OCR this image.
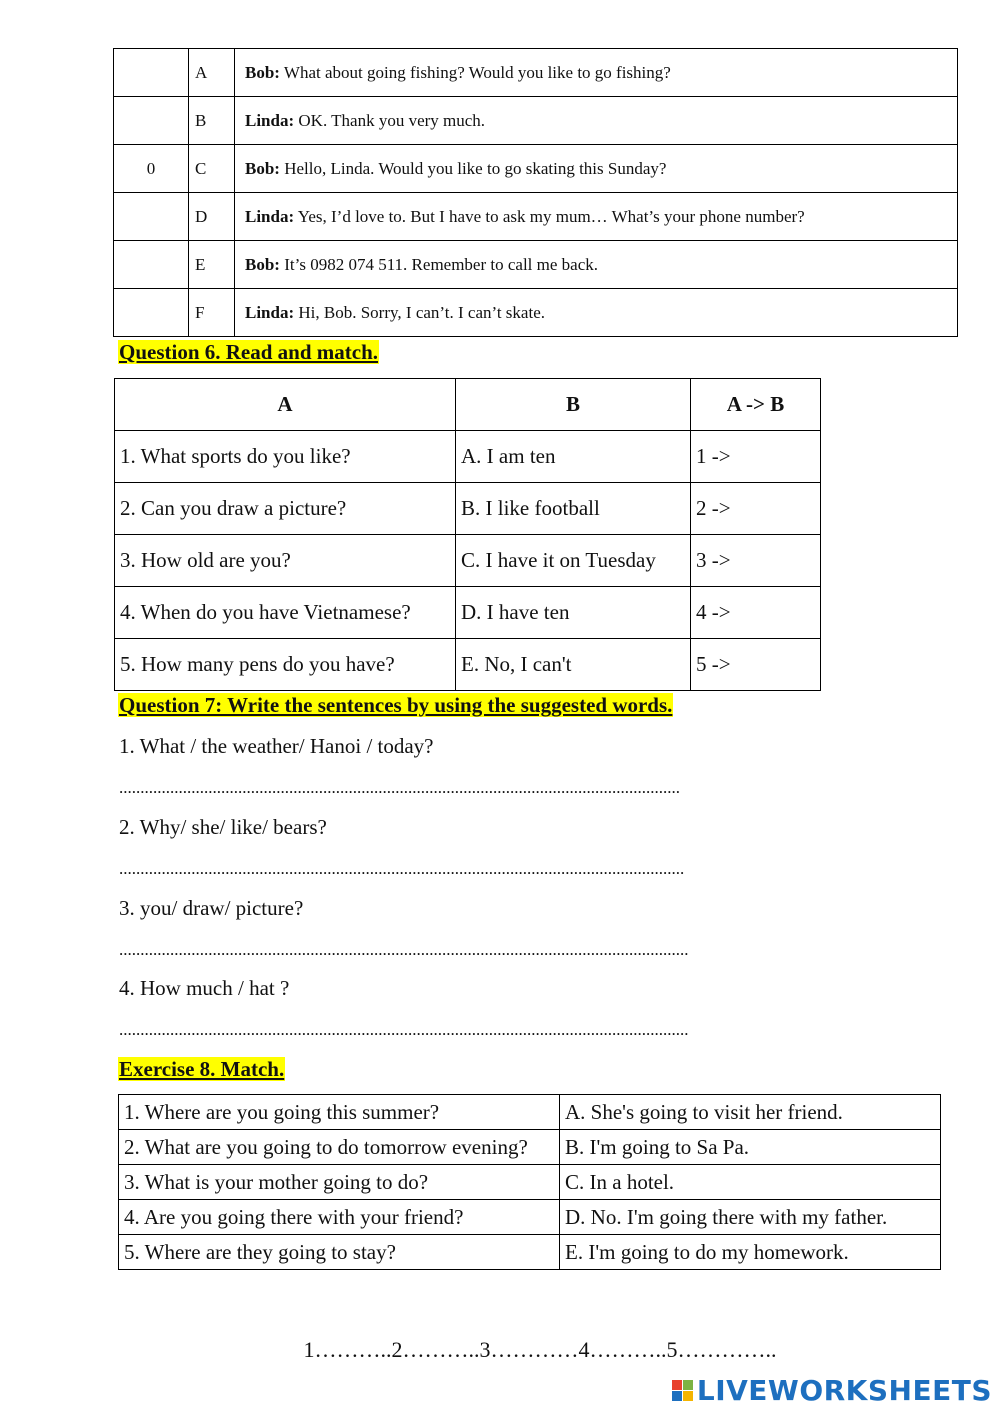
	A	Bob: What about going fishing? Would you like to go fishing?
	B	Linda: OK. Thank you very much.
0	C	Bob: Hello, Linda. Would you like to go skating this Sunday?
	D	Linda: Yes, I’d love to. But I have to ask my mum… What’s your phone number?
	E	Bob: It’s 0982 074 511. Remember to call me back.
	F	Linda: Hi, Bob. Sorry, I can’t. I can’t skate.
Question 6. Read and match.
A	B	A -> B
1. What sports do you like?	A. I am ten	1 ->
2. Can you draw a picture?	B. I like football	2 ->
3. How old are you?	C. I have it on Tuesday	3 ->
4. When do you have Vietnamese?	D. I have ten	4 ->
5. How many pens do you have?	E. No, I can't	5 ->
Question 7: Write the sentences by using the suggested words.
1. What / the weather/ Hanoi / today?
....................................................................................................................................
2. Why/ she/ like/ bears?
.....................................................................................................................................
3. you/ draw/ picture?
......................................................................................................................................
4. How much / hat ?
......................................................................................................................................
Exercise 8. Match.
1. Where are you going this summer?	A. She's going to visit her friend.
2. What are you going to do tomorrow evening?	B. I'm going to Sa Pa.
3. What is your mother going to do?	C. In a hotel.
4. Are you going there with your friend?	D. No. I'm going there with my father.
5. Where are they going to stay?	E. I'm going to do my homework.
1………..2………..3…………4………..5…………..
LIVEWORKSHEETS
